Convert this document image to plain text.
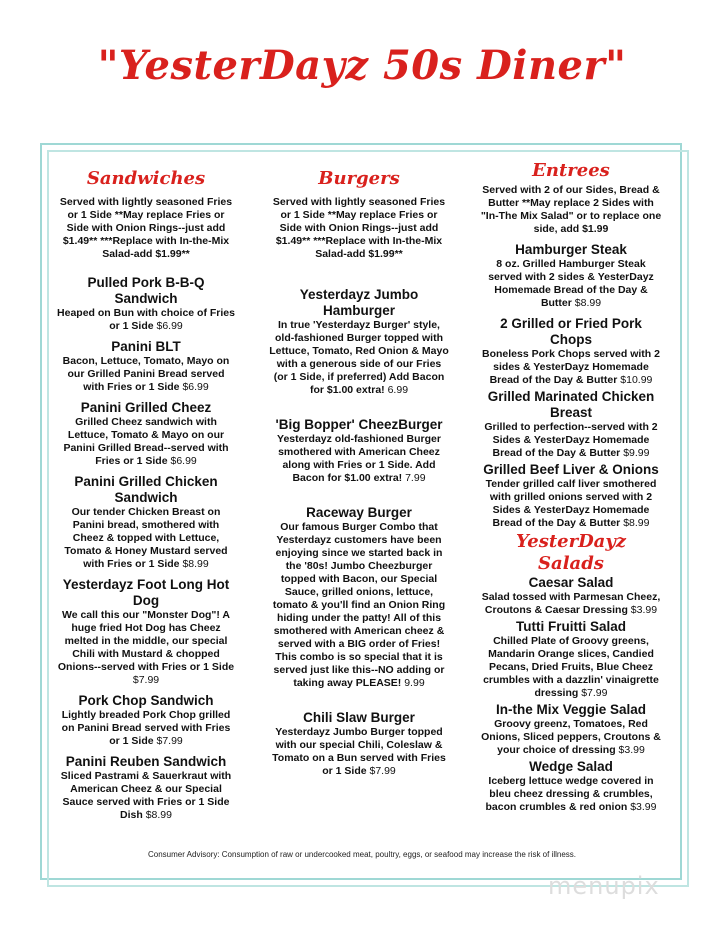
"YesterDayz 50s Diner"
Sandwiches

Served with lightly seasoned Fries or 1 Side **May replace Fries or Side with Onion Rings--just add $1.49** ***Replace with In-the-Mix Salad-add $1.99**

Pulled Pork B-B-Q Sandwich

Heaped on Bun with choice of Fries or 1 Side $6.99

Panini BLT

Bacon, Lettuce, Tomato, Mayo on our Grilled Panini Bread served with Fries or 1 Side $6.99

Panini Grilled Cheez

Grilled Cheez sandwich with Lettuce, Tomato & Mayo on our Panini Grilled Bread--served with Fries or 1 Side $6.99

Panini Grilled Chicken Sandwich

Our tender Chicken Breast on Panini bread, smothered with Cheez & topped with Lettuce, Tomato & Honey Mustard served with Fries or 1 Side $8.99

Yesterdayz Foot Long Hot Dog

We call this our "Monster Dog"! A huge fried Hot Dog has Cheez melted in the middle, our special Chili with Mustard & chopped Onions--served with Fries or 1 Side $7.99

Pork Chop Sandwich

Lightly breaded Pork Chop grilled on Panini Bread served with Fries or 1 Side $7.99

Panini Reuben Sandwich

Sliced Pastrami & Sauerkraut with American Cheez & our Special Sauce served with Fries or 1 Side Dish $8.99

Burgers

Served with lightly seasoned Fries or 1 Side **May replace Fries or Side with Onion Rings--just add $1.49** ***Replace with In-the-Mix Salad-add $1.99**

Yesterdayz Jumbo Hamburger

In true 'Yesterdayz Burger' style, old-fashioned Burger topped with Lettuce, Tomato, Red Onion & Mayo with a generous side of our Fries (or 1 Side, if preferred) Add Bacon for $1.00 extra! 6.99

'Big Bopper' CheezBurger

Yesterdayz old-fashioned Burger smothered with American Cheez along with Fries or 1 Side. Add Bacon for $1.00 extra! 7.99

Raceway Burger

Our famous Burger Combo that Yesterdayz customers have been enjoying since we started back in the '80s! Jumbo Cheezburger topped with Bacon, our Special Sauce, grilled onions, lettuce, tomato & you'll find an Onion Ring hiding under the patty! All of this smothered with American cheez & served with a BIG order of Fries! This combo is so special that it is served just like this--NO adding or taking away PLEASE! 9.99

Chili Slaw Burger

Yesterdayz Jumbo Burger topped with our special Chili, Coleslaw & Tomato on a Bun served with Fries or 1 Side $7.99

Entrees

Served with 2 of our Sides, Bread & Butter **May replace 2 Sides with "In-The Mix Salad" or to replace one side, add $1.99

Hamburger Steak

8 oz. Grilled Hamburger Steak served with 2 sides & YesterDayz Homemade Bread of the Day & Butter $8.99

2 Grilled or Fried Pork Chops

Boneless Pork Chops served with 2 sides & YesterDayz Homemade Bread of the Day & Butter $10.99

Grilled Marinated Chicken Breast

Grilled to perfection--served with 2 Sides & YesterDayz Homemade Bread of the Day & Butter $9.99

Grilled Beef Liver & Onions

Tender grilled calf liver smothered with grilled onions served with 2 Sides & YesterDayz Homemade Bread of the Day & Butter $8.99

YesterDayz Salads

Caesar Salad

Salad tossed with Parmesan Cheez, Croutons & Caesar Dressing $3.99

Tutti Fruitti Salad

Chilled Plate of Groovy greens, Mandarin Orange slices, Candied Pecans, Dried Fruits, Blue Cheez crumbles with a dazzlin' vinaigrette dressing $7.99

In-the Mix Veggie Salad

Groovy greenz, Tomatoes, Red Onions, Sliced peppers, Croutons & your choice of dressing $3.99

Wedge Salad

Iceberg lettuce wedge covered in bleu cheez dressing & crumbles, bacon crumbles & red onion $3.99

Consumer Advisory: Consumption of raw or undercooked meat, poultry, eggs, or seafood may increase the risk of illness.
menupix
